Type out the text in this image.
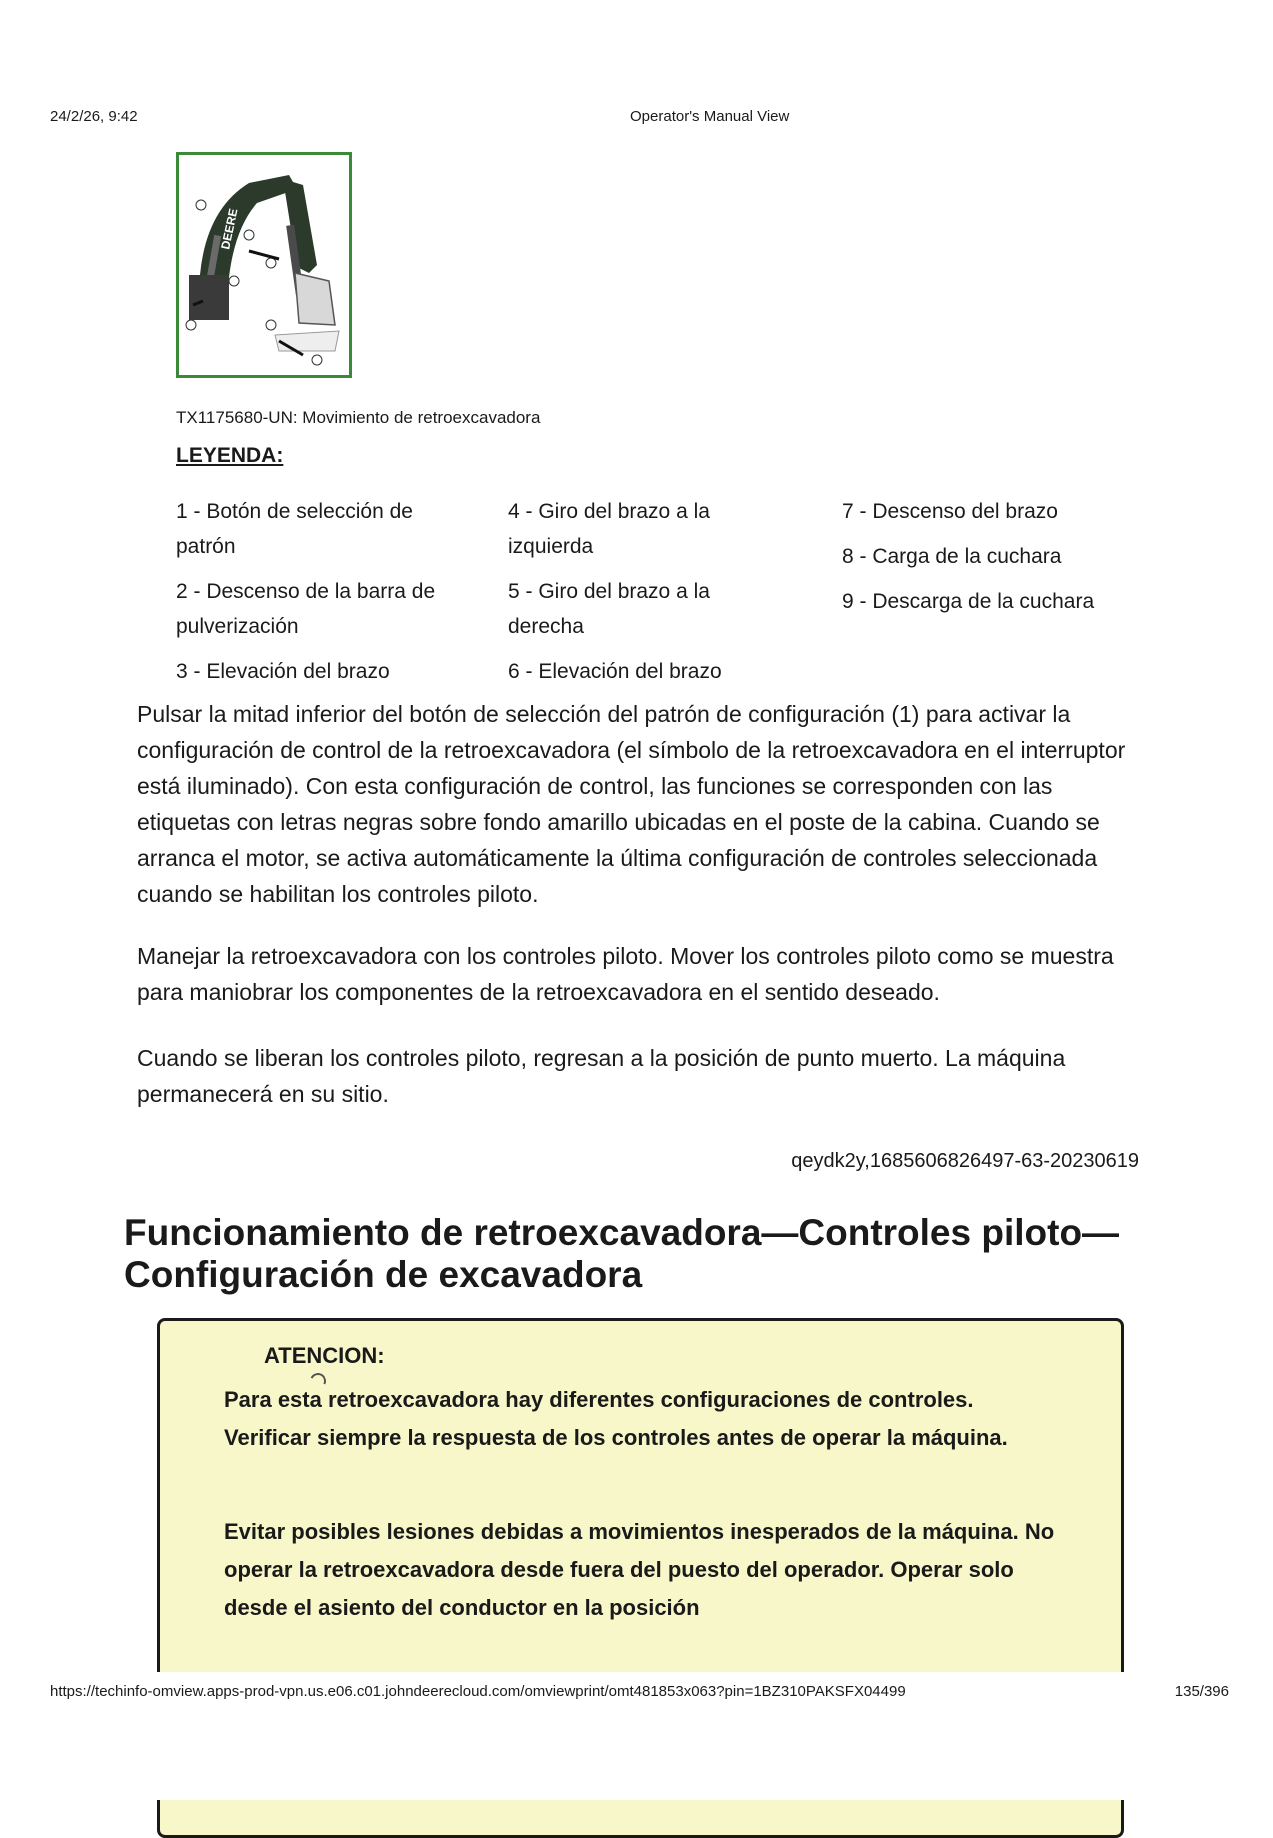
24/2/26, 9:42	Operator's Manual View
DEERE
TX1175680-UN: Movimiento de retroexcavadora
LEYENDA:
1 - Botón de selección de patrón
2 - Descenso de la barra de pulverización
3 - Elevación del brazo
4 - Giro del brazo a la izquierda
5 - Giro del brazo a la derecha
6 - Elevación del brazo
7 - Descenso del brazo
8 - Carga de la cuchara
9 - Descarga de la cuchara
Pulsar la mitad inferior del botón de selección del patrón de configuración (1) para activar la configuración de control de la retroexcavadora (el símbolo de la retroexcavadora en el interruptor está iluminado). Con esta configuración de control, las funciones se corresponden con las etiquetas con letras negras sobre fondo amarillo ubicadas en el poste de la cabina. Cuando se arranca el motor, se activa automáticamente la última configuración de controles seleccionada cuando se habilitan los controles piloto.
Manejar la retroexcavadora con los controles piloto. Mover los controles piloto como se muestra para maniobrar los componentes de la retroexcavadora en el sentido deseado.
Cuando se liberan los controles piloto, regresan a la posición de punto muerto. La máquina permanecerá en su sitio.
qeydk2y,1685606826497-63-20230619
Funcionamiento de retroexcavadora—Controles piloto—Configuración de excavadora
ATENCION:
Para esta retroexcavadora hay diferentes configuraciones de controles. Verificar siempre la respuesta de los controles antes de operar la máquina.
Evitar posibles lesiones debidas a movimientos inesperados de la máquina. No operar la retroexcavadora desde fuera del puesto del operador. Operar solo desde el asiento del conductor en la posición
https://techinfo-omview.apps-prod-vpn.us.e06.c01.johndeerecloud.com/omviewprint/omt481853x063?pin=1BZ310PAKSFX04499	135/396
